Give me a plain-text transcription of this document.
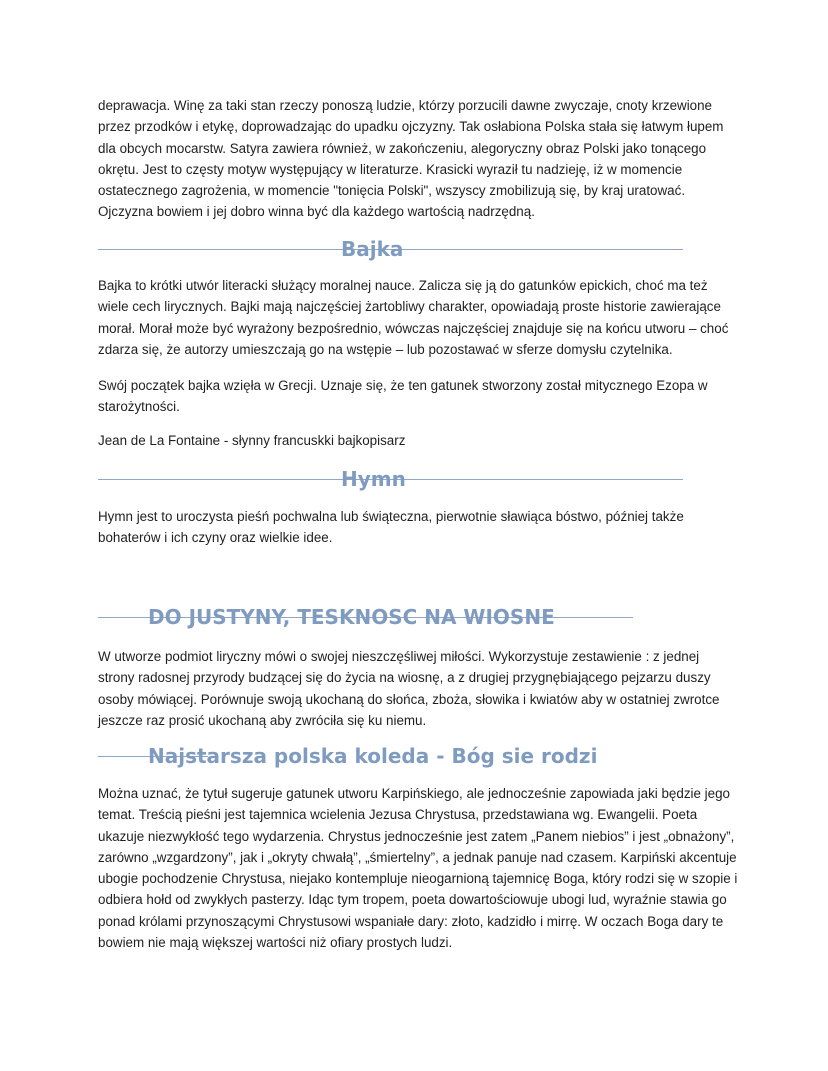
deprawacja. Winę za taki stan rzeczy ponoszą ludzie, którzy porzucili dawne zwyczaje, cnoty krzewione przez przodków i etykę, doprowadzając do upadku ojczyzny. Tak osłabiona Polska stała się łatwym łupem dla obcych mocarstw. Satyra zawiera również, w zakończeniu, alegoryczny obraz Polski jako tonącego okrętu. Jest to częsty motyw występujący w literaturze. Krasicki wyraził tu nadzieję, iż w momencie ostatecznego zagrożenia, w momencie "tonięcia Polski", wszyscy zmobilizują się, by kraj uratować. Ojczyzna bowiem i jej dobro winna być dla każdego wartością nadrzędną.

Bajka

Bajka to krótki utwór literacki służący moralnej nauce. Zalicza się ją do gatunków epickich, choć ma też wiele cech lirycznych. Bajki mają najczęściej żartobliwy charakter, opowiadają proste historie zawierające morał. Morał może być wyrażony bezpośrednio, wówczas najczęściej znajduje się na końcu utworu – choć zdarza się, że autorzy umieszczają go na wstępie – lub pozostawać w sferze domysłu czytelnika.

Swój początek bajka wzięła w Grecji. Uznaje się, że ten gatunek stworzony został mitycznego Ezopa w starożytności.

Jean de La Fontaine - słynny francuskki bajkopisarz

Hymn

Hymn jest to uroczysta pieśń pochwalna lub świąteczna, pierwotnie sławiąca bóstwo, później także bohaterów i ich czyny oraz wielkie idee.

DO JUSTYNY, TESKNOSC NA WIOSNE

W utworze podmiot liryczny mówi o swojej nieszczęśliwej miłości. Wykorzystuje zestawienie : z jednej strony radosnej przyrody budzącej się do życia na wiosnę, a z drugiej przygnębiającego pejzarzu duszy osoby mówiącej. Porównuje swoją ukochaną do słońca, zboża, słowika i kwiatów aby w ostatniej zwrotce jeszcze raz prosić ukochaną aby zwróciła się ku niemu.

Najstarsza polska koleda - Bóg sie rodzi

Można uznać, że tytuł sugeruje gatunek utworu Karpińskiego, ale jednocześnie zapowiada jaki będzie jego temat. Treścią pieśni jest tajemnica wcielenia Jezusa Chrystusa, przedstawiana wg. Ewangelii. Poeta ukazuje niezwykłość tego wydarzenia. Chrystus jednocześnie jest zatem „Panem niebios” i jest „obnażony”, zarówno „wzgardzony”, jak i „okryty chwałą”, „śmiertelny”, a jednak panuje nad czasem. Karpiński akcentuje ubogie pochodzenie Chrystusa, niejako kontempluje nieogarnioną tajemnicę Boga, który rodzi się w szopie i odbiera hołd od zwykłych pasterzy. Idąc tym tropem, poeta dowartościowuje ubogi lud, wyraźnie stawia go ponad królami przynoszącymi Chrystusowi wspaniałe dary: złoto, kadzidło i mirrę. W oczach Boga dary te bowiem nie mają większej wartości niż ofiary prostych ludzi.
